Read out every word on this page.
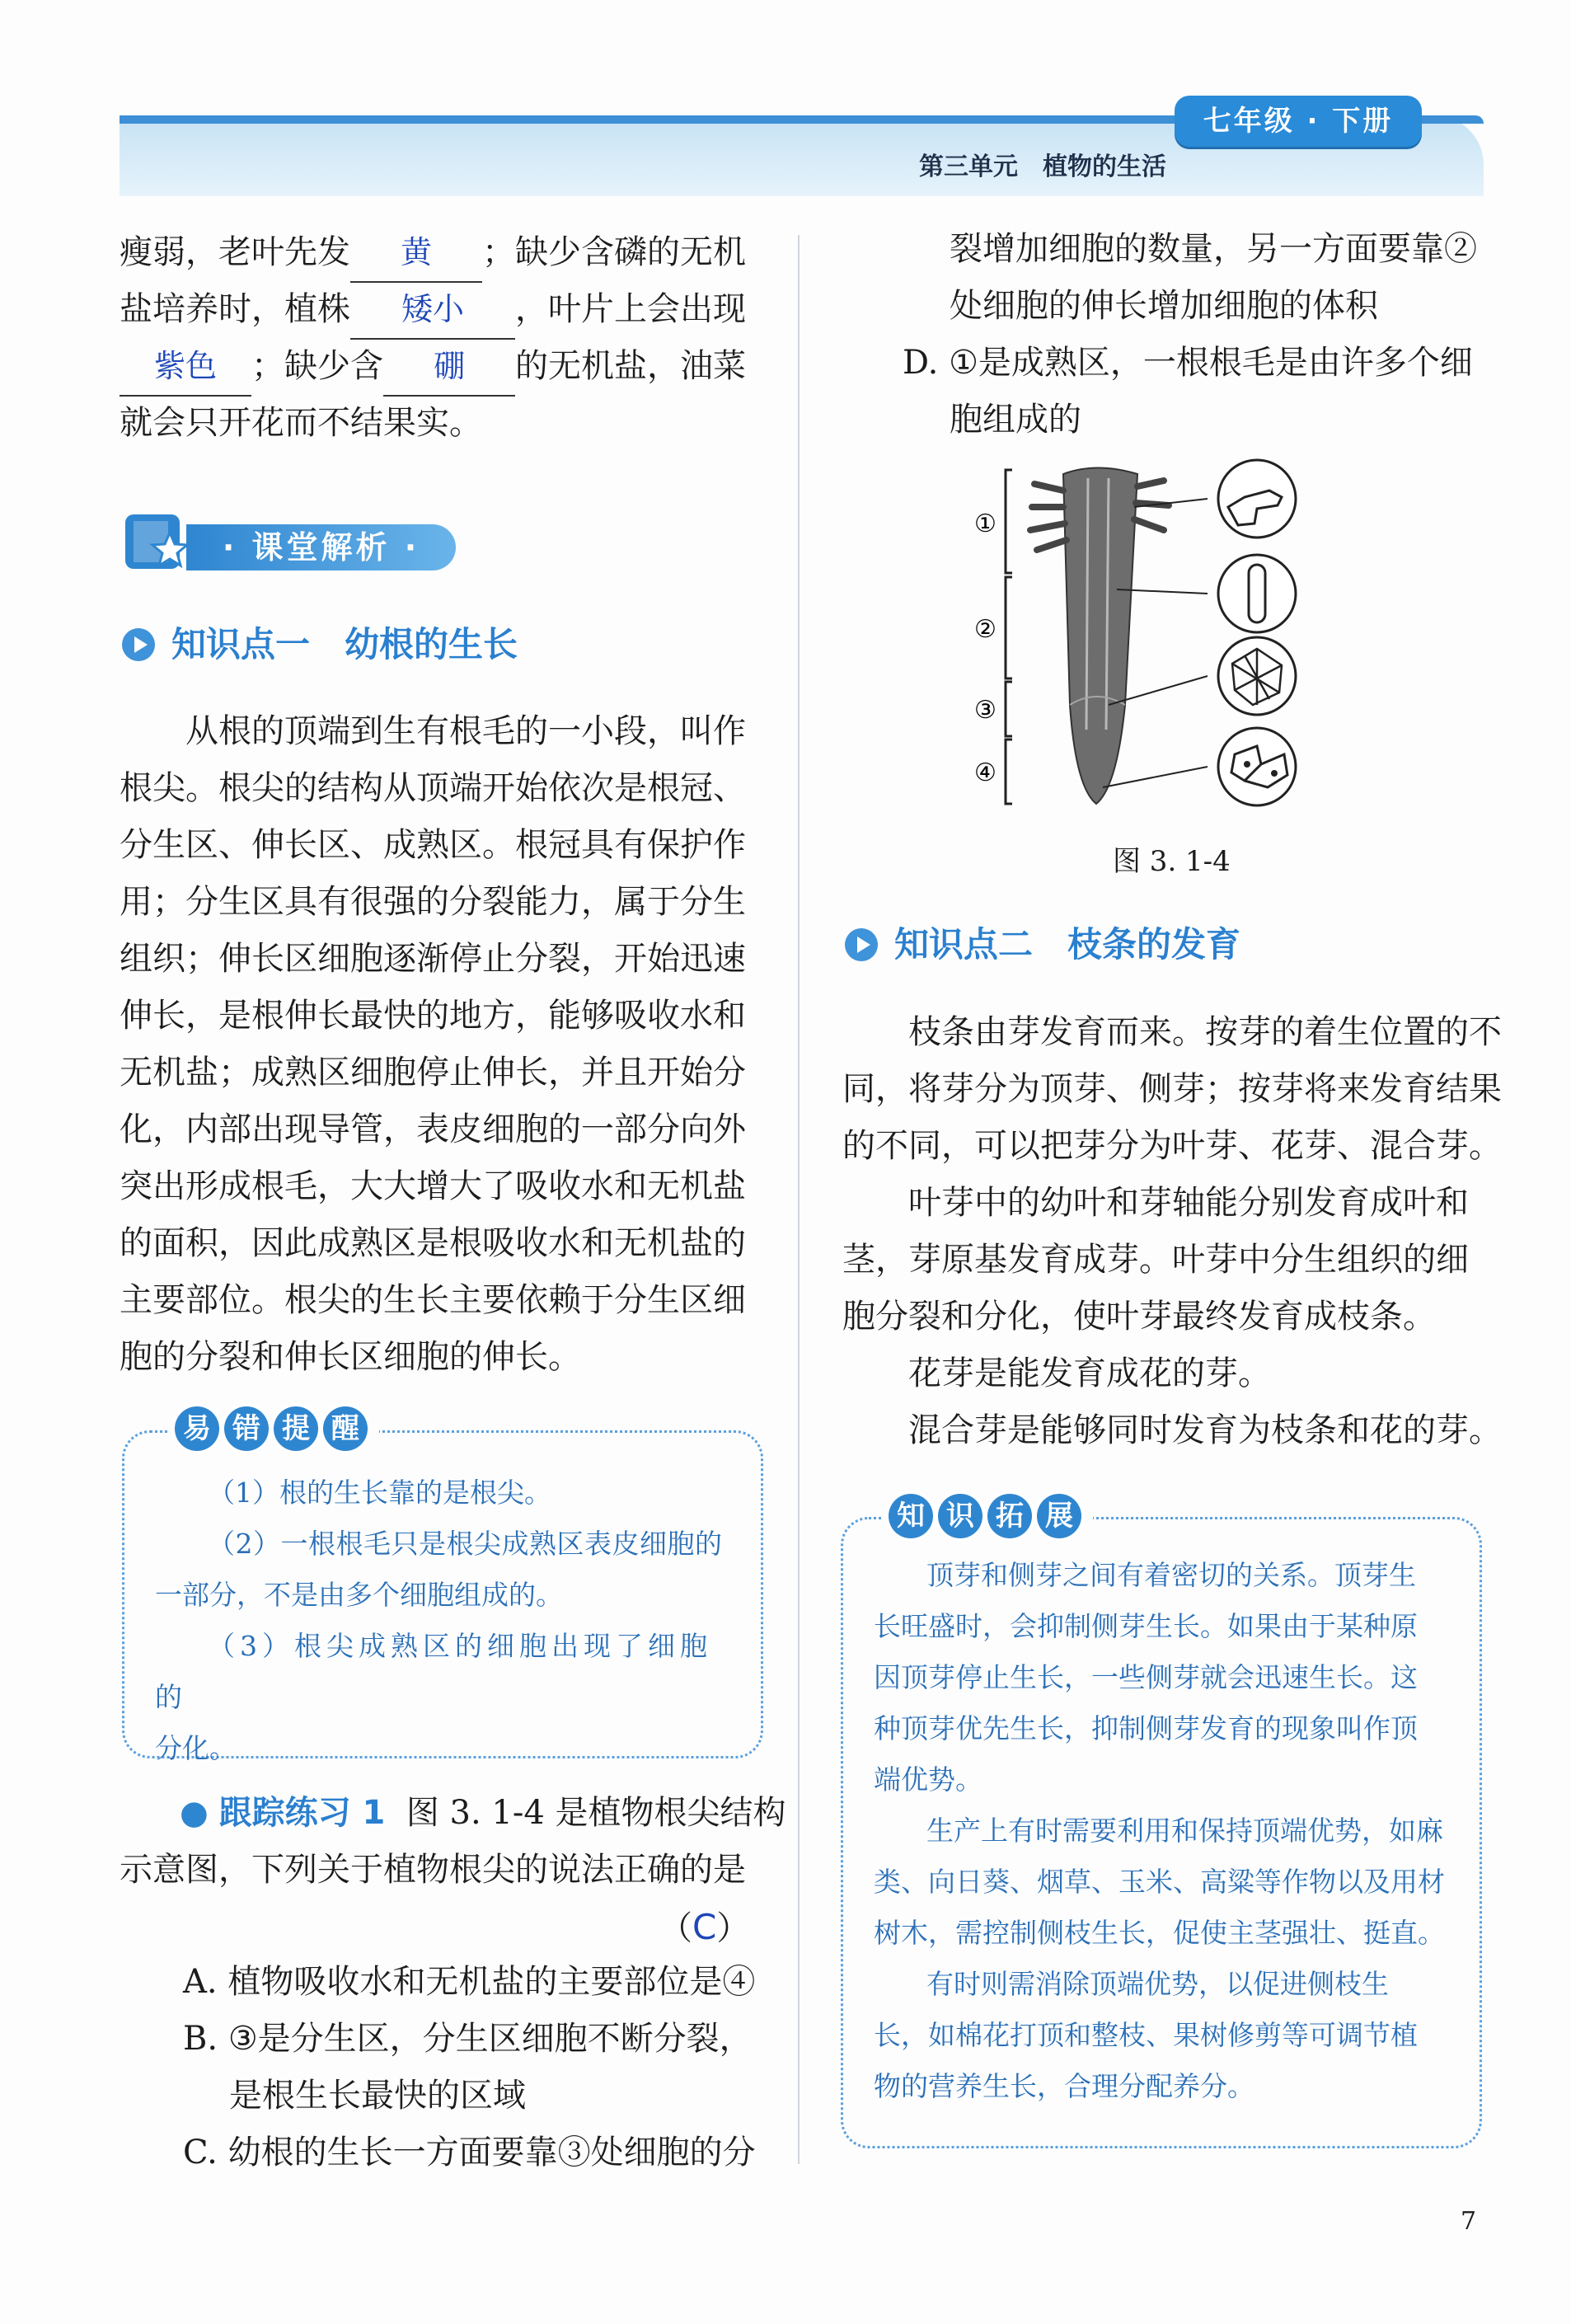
七年级 · 下册
第三单元　植物的生活
瘦弱，老叶先发 黄 ；缺少含磷的无机
盐培养时，植株 矮小 ，叶片上会出现
紫色 ；缺少含 硼 的无机盐，油菜
就会只开花而不结果实。
· 课堂解析 ·
知识点一　幼根的生长
从根的顶端到生有根毛的一小段，叫作
根尖。根尖的结构从顶端开始依次是根冠、
分生区、伸长区、成熟区。根冠具有保护作
用；分生区具有很强的分裂能力，属于分生
组织；伸长区细胞逐渐停止分裂，开始迅速
伸长，是根伸长最快的地方，能够吸收水和
无机盐；成熟区细胞停止伸长，并且开始分
化，内部出现导管，表皮细胞的一部分向外
突出形成根毛，大大增大了吸收水和无机盐
的面积，因此成熟区是根吸收水和无机盐的
主要部位。根尖的生长主要依赖于分生区细
胞的分裂和伸长区细胞的伸长。
易 错 提 醒
（1）根的生长靠的是根尖。
（2）一根根毛只是根尖成熟区表皮细胞的
一部分，不是由多个细胞组成的。
（3）根尖成熟区的细胞出现了细胞的
分化。
● 跟踪练习 1 图 3. 1-4 是植物根尖结构
示意图，下列关于植物根尖的说法正确的是
（C）
A. 植物吸收水和无机盐的主要部位是④
B. ③是分生区，分生区细胞不断分裂，
是根生长最快的区域
C. 幼根的生长一方面要靠③处细胞的分
裂增加细胞的数量，另一方面要靠②
处细胞的伸长增加细胞的体积
D. ①是成熟区，一根根毛是由许多个细
胞组成的
①
②
③
④
图 3. 1-4
知识点二　枝条的发育
枝条由芽发育而来。按芽的着生位置的不
同，将芽分为顶芽、侧芽；按芽将来发育结果
的不同，可以把芽分为叶芽、花芽、混合芽。
叶芽中的幼叶和芽轴能分别发育成叶和
茎，芽原基发育成芽。叶芽中分生组织的细
胞分裂和分化，使叶芽最终发育成枝条。
花芽是能发育成花的芽。
混合芽是能够同时发育为枝条和花的芽。
知 识 拓 展
顶芽和侧芽之间有着密切的关系。顶芽生
长旺盛时，会抑制侧芽生长。如果由于某种原
因顶芽停止生长，一些侧芽就会迅速生长。这
种顶芽优先生长，抑制侧芽发育的现象叫作顶
端优势。
生产上有时需要利用和保持顶端优势，如麻
类、向日葵、烟草、玉米、高粱等作物以及用材
树木，需控制侧枝生长，促使主茎强壮、挺直。
有时则需消除顶端优势，以促进侧枝生
长，如棉花打顶和整枝、果树修剪等可调节植
物的营养生长，合理分配养分。
7
